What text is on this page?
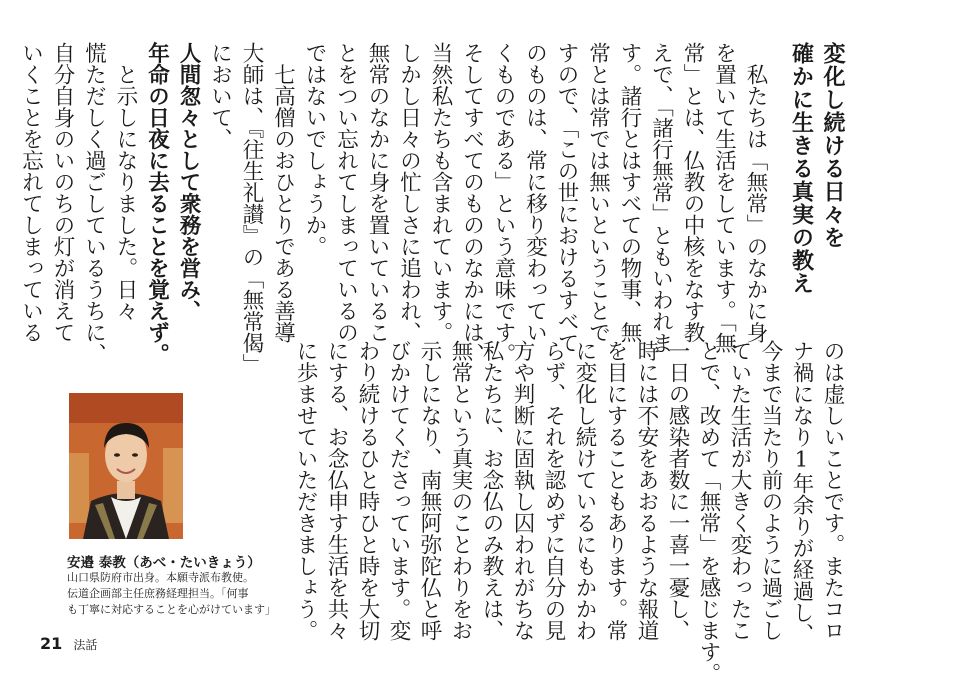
変化し続ける日々を
確かに生きる真実の教え

　私たちは「無常」のなかに身

を置いて生活をしています。「無

常」とは、仏教の中核をなす教

えで、「諸行無常」ともいわれま

す。諸行とはすべての物事、無

常とは常では無いということで

すので、「この世におけるすべて

のものは、常に移り変わってい

くものである」という意味です。

そしてすべてのもののなかには、

当然私たちも含まれています。

しかし日々の忙しさに追われ、

無常のなかに身を置いているこ

とをつい忘れてしまっているの

ではないでしょうか。

　七高僧のおひとりである善導

大師は、『往生礼讃』の「無常偈」

において、

人間怱々として衆務を営み、

年命の日夜に去ることを覚えず。

　と示しになりました。日々

慌ただしく過ごしているうちに、

自分自身のいのちの灯が消えて

いくことを忘れてしまっている

のは虚しいことです。またコロ

ナ禍になり1年余りが経過し、

今まで当たり前のように過ごし

ていた生活が大きく変わったこ

とで、改めて「無常」を感じます。

一日の感染者数に一喜一憂し、

時には不安をあおるような報道

を目にすることもあります。常

に変化し続けているにもかかわ

らず、それを認めずに自分の見

方や判断に固執し囚われがちな

私たちに、お念仏のみ教えは、

無常という真実のことわりをお

示しになり、南無阿弥陀仏と呼

びかけてくださっています。変

わり続けるひと時ひと時を大切

にする、お念仏申す生活を共々

に歩ませていただきましょう。

安邉 泰教（あべ・たいきょう）
山口県防府市出身。本願寺派布教使。
伝道企画部主任庶務経理担当。「何事
も丁寧に対応することを心がけています」
21 法話
